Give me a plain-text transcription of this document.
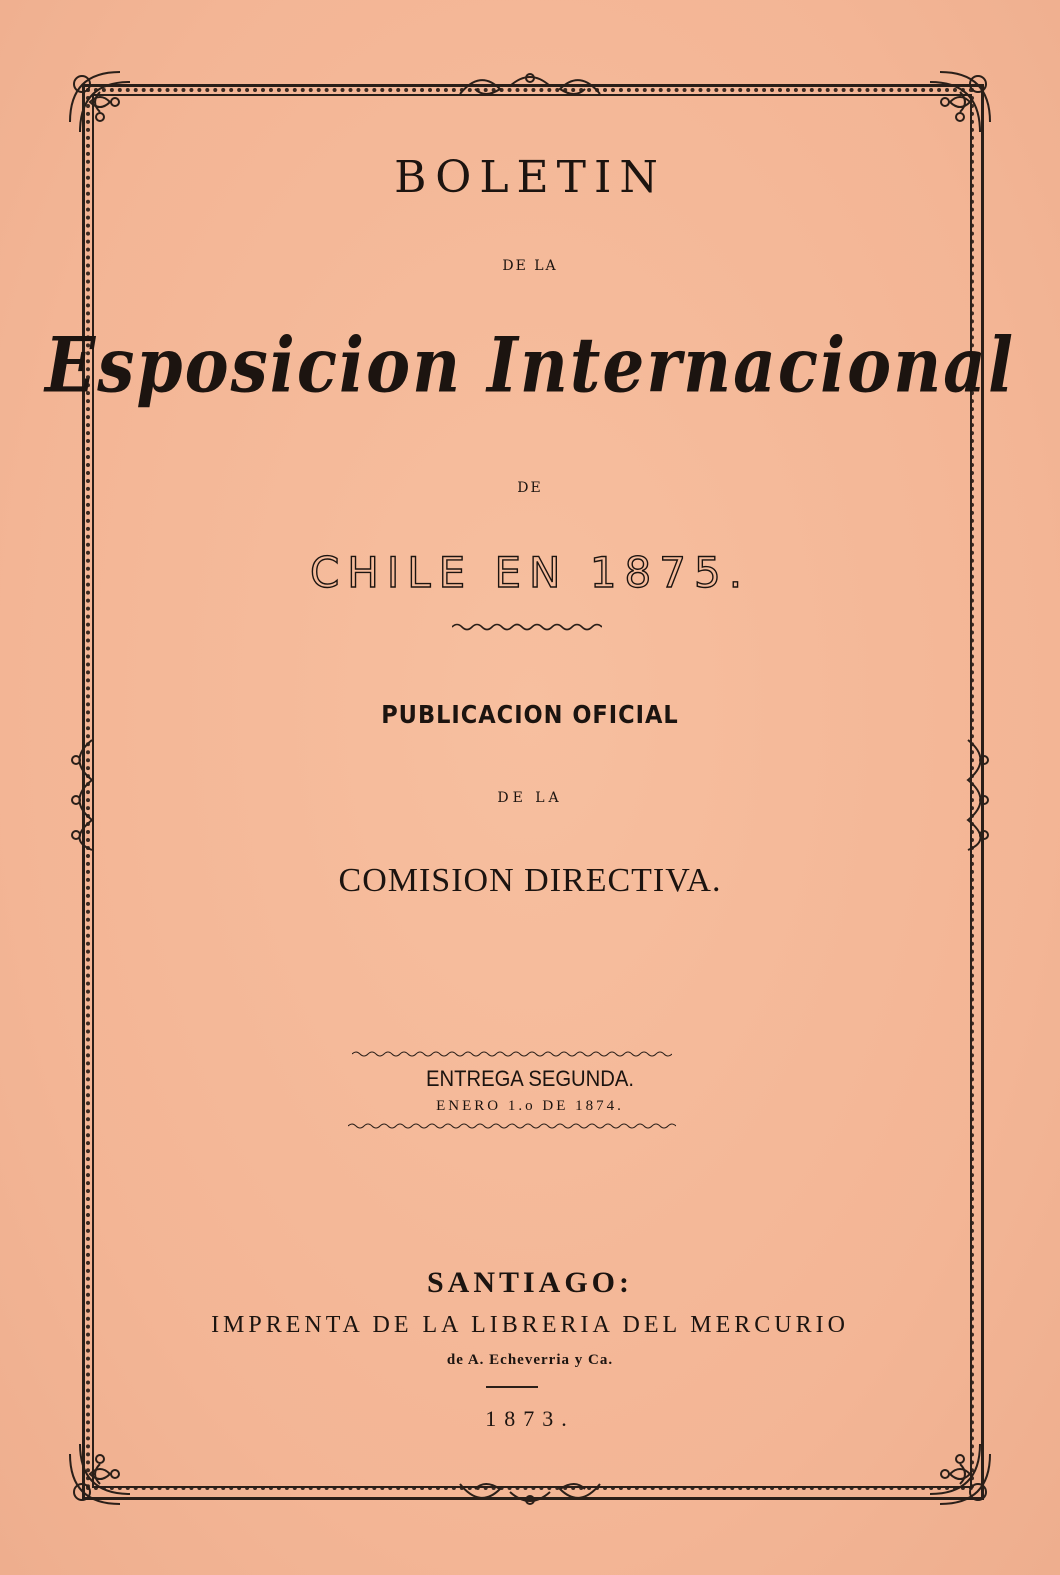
BOLETIN
DE LA
Esposicion Internacional
DE
CHILE EN 1875.
PUBLICACION OFICIAL
DE LA
COMISION DIRECTIVA.
ENTREGA SEGUNDA.
ENERO 1.o DE 1874.
SANTIAGO:
IMPRENTA DE LA LIBRERIA DEL MERCURIO
de A. Echeverria y Ca.
1873.
